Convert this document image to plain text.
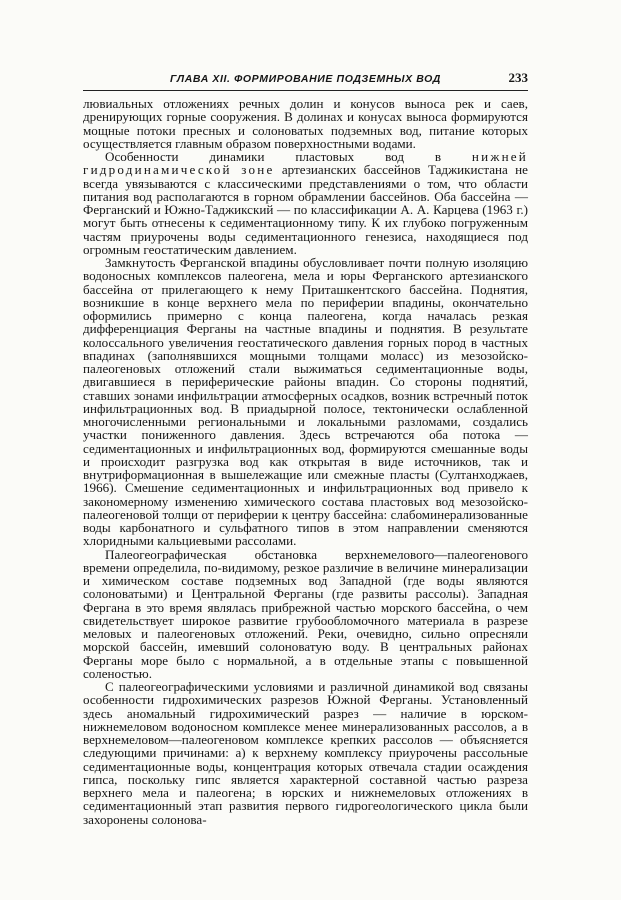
ГЛАВА XII. ФОРМИРОВАНИЕ ПОДЗЕМНЫХ ВОД	233

лювиальных отложениях речных долин и конусов выноса рек и саев, дренирующих горные сооружения. В долинах и конусах выноса формируются мощные потоки пресных и солоноватых подземных вод, питание которых осуществляется главным образом поверхностными водами.

Особенности динамики пластовых вод в нижней гидродинамической зоне артезианских бассейнов Таджикистана не всегда увязываются с классическими представлениями о том, что области питания вод располагаются в горном обрамлении бассейнов. Оба бассейна — Ферганский и Южно-Таджикский — по классификации А. А. Карцева (1963 г.) могут быть отнесены к седиментационному типу. К их глубоко погруженным частям приурочены воды седиментационного генезиса, находящиеся под огромным геостатическим давлением.

Замкнутость Ферганской впадины обусловливает почти полную изоляцию водоносных комплексов палеогена, мела и юры Ферганского артезианского бассейна от прилегающего к нему Приташкентского бассейна. Поднятия, возникшие в конце верхнего мела по периферии впадины, окончательно оформились примерно с конца палеогена, когда началась резкая дифференциация Ферганы на частные впадины и поднятия. В результате колоссального увеличения геостатического давления горных пород в частных впадинах (заполнявшихся мощными толщами моласс) из мезозойско-палеогеновых отложений стали выжиматься седиментационные воды, двигавшиеся в периферические районы впадин. Со стороны поднятий, ставших зонами инфильтрации атмосферных осадков, возник встречный поток инфильтрационных вод. В приадырной полосе, тектонически ослабленной многочисленными региональными и локальными разломами, создались участки пониженного давления. Здесь встречаются оба потока — седиментационных и инфильтрационных вод, формируются смешанные воды и происходит разгрузка вод как открытая в виде источников, так и внутриформационная в вышележащие или смежные пласты (Султанходжаев, 1966). Смешение седиментационных и инфильтрационных вод привело к закономерному изменению химического состава пластовых вод мезозойско-палеогеновой толщи от периферии к центру бассейна: слабоминерализованные воды карбонатного и сульфатного типов в этом направлении сменяются хлоридными кальциевыми рассолами.

Палеогеографическая обстановка верхнемелового—палеогенового времени определила, по-видимому, резкое различие в величине минерализации и химическом составе подземных вод Западной (где воды являются солоноватыми) и Центральной Ферганы (где развиты рассолы). Западная Фергана в это время являлась прибрежной частью морского бассейна, о чем свидетельствует широкое развитие грубообломочного материала в разрезе меловых и палеогеновых отложений. Реки, очевидно, сильно опресняли морской бассейн, имевший солоноватую воду. В центральных районах Ферганы море было с нормальной, а в отдельные этапы с повышенной соленостью.

С палеогеографическими условиями и различной динамикой вод связаны особенности гидрохимических разрезов Южной Ферганы. Установленный здесь аномальный гидрохимический разрез — наличие в юрском-нижнемеловом водоносном комплексе менее минерализованных рассолов, а в верхнемеловом—палеогеновом комплексе крепких рассолов — объясняется следующими причинами: а) к верхнему комплексу приурочены рассольные седиментационные воды, концентрация которых отвечала стадии осаждения гипса, поскольку гипс является характерной составной частью разреза верхнего мела и палеогена; в юрских и нижнемеловых отложениях в седиментационный этап развития первого гидрогеологического цикла были захоронены солонова-
